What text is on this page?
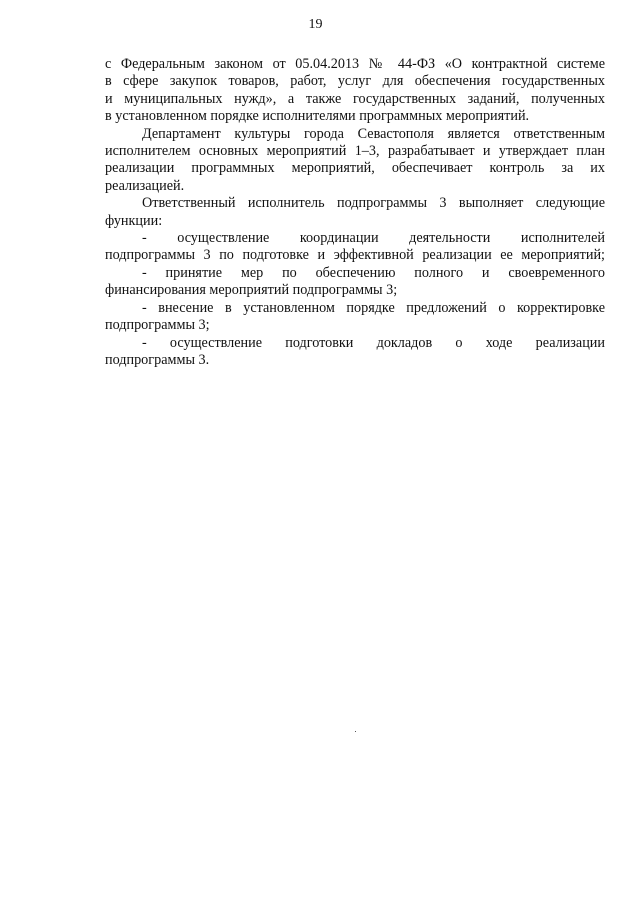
19
с Федеральным законом от 05.04.2013 № 44-ФЗ «О контрактной системе
в сфере закупок товаров, работ, услуг для обеспечения государственных
и муниципальных нужд», а также государственных заданий, полученных
в установленном порядке исполнителями программных мероприятий.
Департамент культуры города Севастополя является ответственным
исполнителем основных мероприятий 1–3, разрабатывает и утверждает план
реализации программных мероприятий, обеспечивает контроль за их
реализацией.
Ответственный исполнитель подпрограммы 3 выполняет следующие
функции:
- осуществление координации деятельности исполнителей
подпрограммы 3 по подготовке и эффективной реализации ее мероприятий;
- принятие мер по обеспечению полного и своевременного
финансирования мероприятий подпрограммы 3;
- внесение в установленном порядке предложений о корректировке
подпрограммы 3;
- осуществление подготовки докладов о ходе реализации
подпрограммы 3.
